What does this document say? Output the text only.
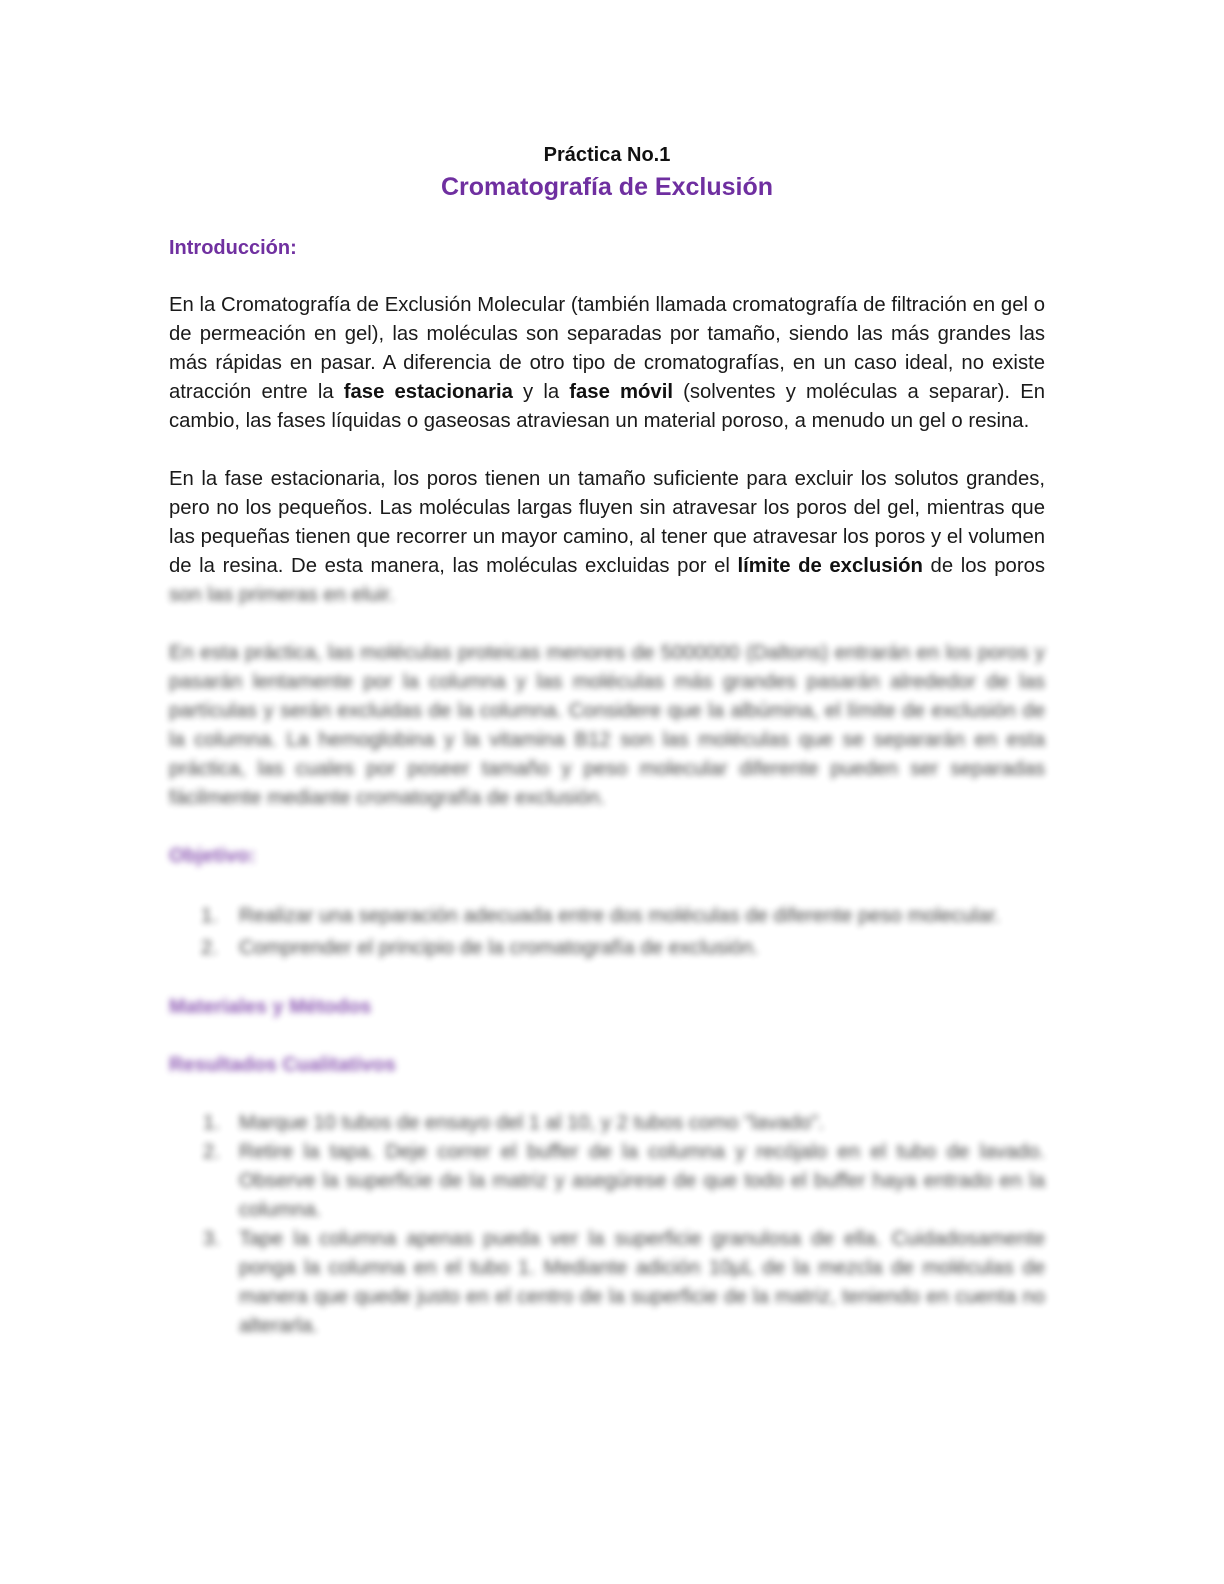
Práctica No.1

Cromatografía de Exclusión

Introducción:

En la Cromatografía de Exclusión Molecular (también llamada cromatografía de filtración en gel o de permeación en gel), las moléculas son separadas por tamaño, siendo las más grandes las más rápidas en pasar. A diferencia de otro tipo de cromatografías, en un caso ideal, no existe atracción entre la fase estacionaria y la fase móvil (solventes y moléculas a separar). En cambio, las fases líquidas o gaseosas atraviesan un material poroso, a menudo un gel o resina.

En la fase estacionaria, los poros tienen un tamaño suficiente para excluir los solutos grandes, pero no los pequeños. Las moléculas largas fluyen sin atravesar los poros del gel, mientras que las pequeñas tienen que recorrer un mayor camino, al tener que atravesar los poros y el volumen de la resina. De esta manera, las moléculas excluidas por el límite de exclusión de los poros

son las primeras en eluir.

En esta práctica, las moléculas proteicas menores de 5000000 (Daltons) entrarán en los poros y pasarán lentamente por la columna y las moléculas más grandes pasarán alrededor de las partículas y serán excluidas de la columna. Considere que la albúmina, el límite de exclusión de la columna. La hemoglobina y la vitamina B12 son las moléculas que se separarán en esta práctica, las cuales por poseer tamaño y peso molecular diferente pueden ser separadas fácilmente mediante cromatografía de exclusión.

Objetivo:

1. Realizar una separación adecuada entre dos moléculas de diferente peso molecular.
2. Comprender el principio de la cromatografía de exclusión.

Materiales y Métodos

Resultados Cualitativos

1. Marque 10 tubos de ensayo del 1 al 10, y 2 tubos como "lavado".
2. Retire la tapa. Deje correr el buffer de la columna y recójalo en el tubo de lavado. Observe la superficie de la matriz y asegúrese de que todo el buffer haya entrado en la columna.
3. Tape la columna apenas pueda ver la superficie granulosa de ella. Cuidadosamente ponga la columna en el tubo 1. Mediante adición 10µL de la mezcla de moléculas de manera que quede justo en el centro de la superficie de la matriz, teniendo en cuenta no alterarla.
